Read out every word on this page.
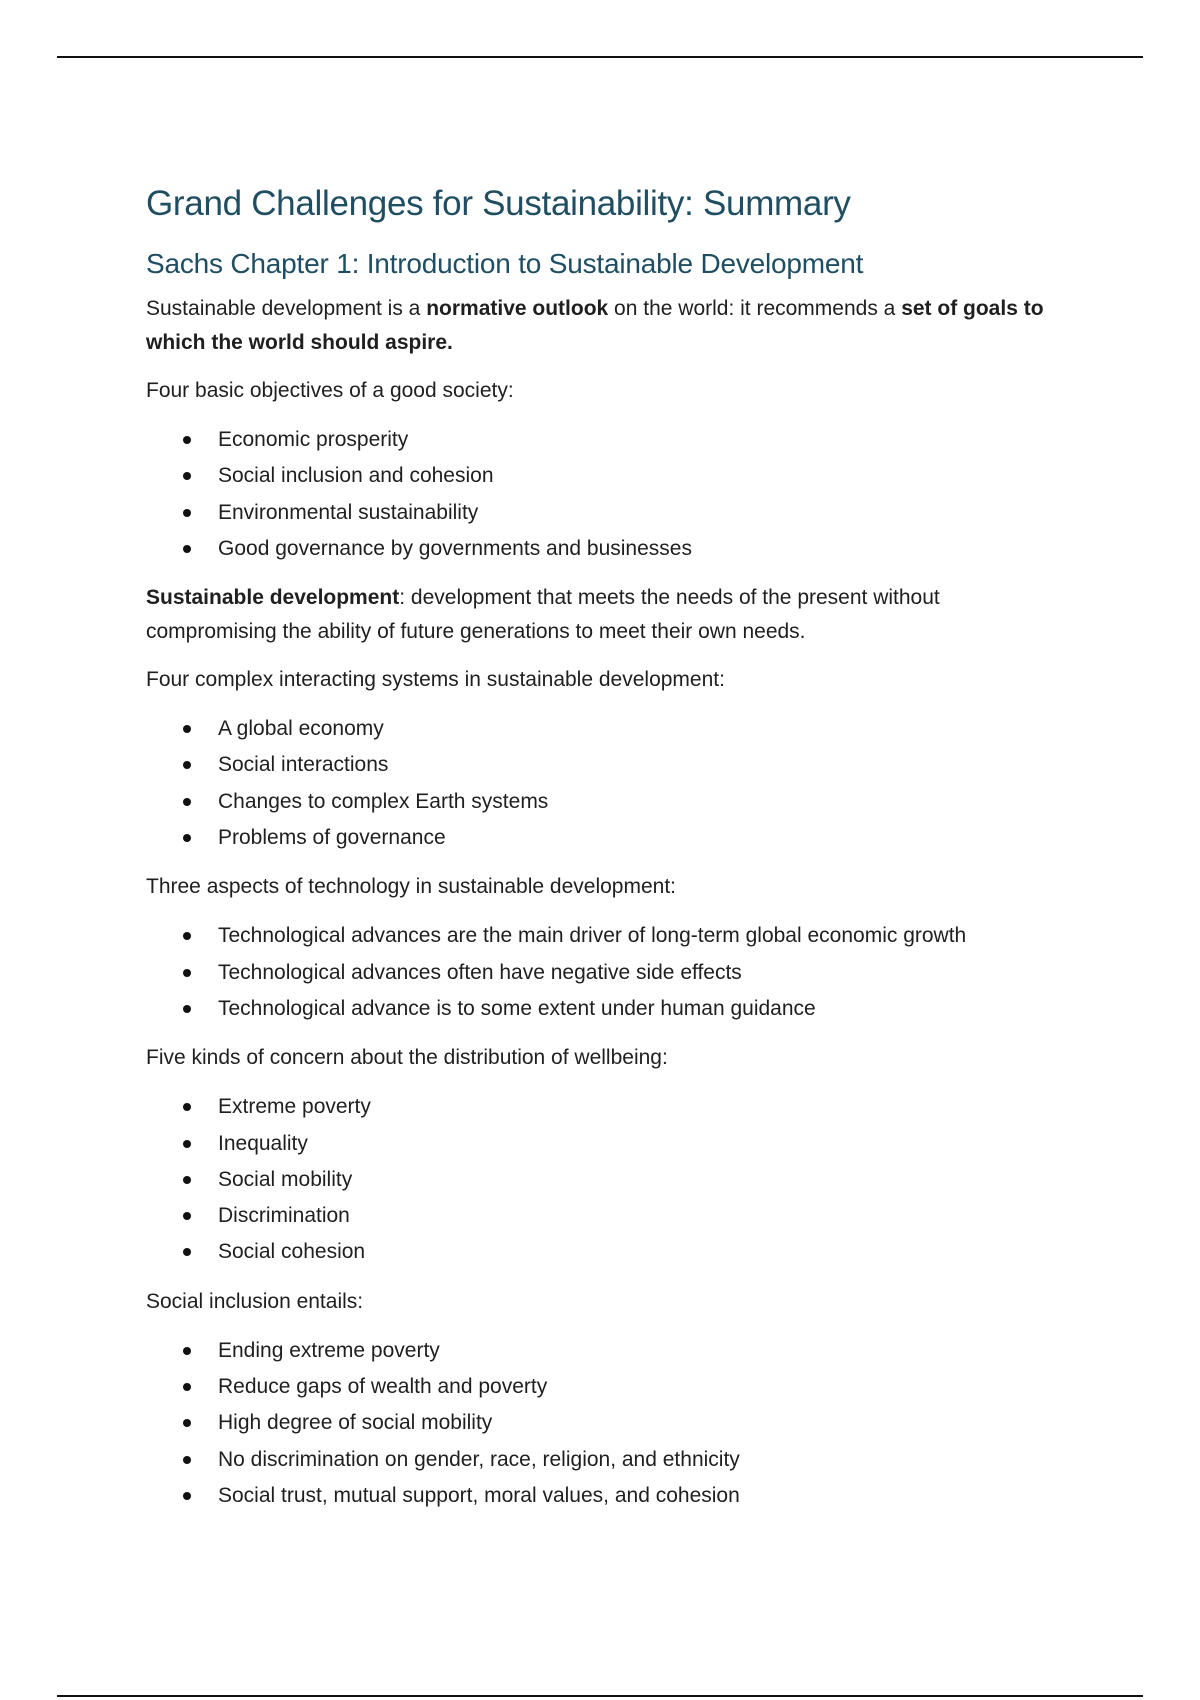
Grand Challenges for Sustainability: Summary
Sachs Chapter 1: Introduction to Sustainable Development

Sustainable development is a normative outlook on the world: it recommends a set of goals to which the world should aspire.

Four basic objectives of a good society:

Economic prosperity
Social inclusion and cohesion
Environmental sustainability
Good governance by governments and businesses

Sustainable development: development that meets the needs of the present without compromising the ability of future generations to meet their own needs.

Four complex interacting systems in sustainable development:

A global economy
Social interactions
Changes to complex Earth systems
Problems of governance

Three aspects of technology in sustainable development:

Technological advances are the main driver of long-term global economic growth
Technological advances often have negative side effects
Technological advance is to some extent under human guidance

Five kinds of concern about the distribution of wellbeing:

Extreme poverty
Inequality
Social mobility
Discrimination
Social cohesion

Social inclusion entails:

Ending extreme poverty
Reduce gaps of wealth and poverty
High degree of social mobility
No discrimination on gender, race, religion, and ethnicity
Social trust, mutual support, moral values, and cohesion
